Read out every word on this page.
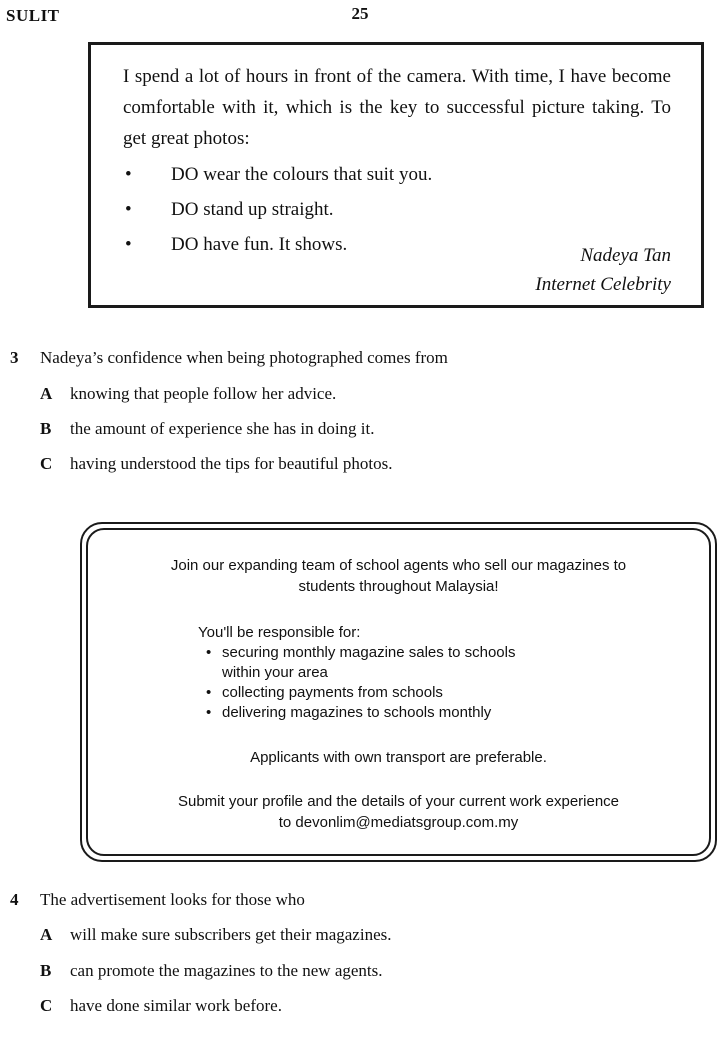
SULIT	25
I spend a lot of hours in front of the camera. With time, I have become comfortable with it, which is the key to successful picture taking. To get great photos:
• DO wear the colours that suit you.
• DO stand up straight.
• DO have fun. It shows.
Nadeya Tan
Internet Celebrity
3 Nadeya’s confidence when being photographed comes from
A knowing that people follow her advice.
B the amount of experience she has in doing it.
C having understood the tips for beautiful photos.
Join our expanding team of school agents who sell our magazines to
students throughout Malaysia!
You'll be responsible for:
• securing monthly magazine sales to schools
within your area
• collecting payments from schools
• delivering magazines to schools monthly
Applicants with own transport are preferable.
Submit your profile and the details of your current work experience
to devonlim@mediatsgroup.com.my
4 The advertisement looks for those who
A will make sure subscribers get their magazines.
B can promote the magazines to the new agents.
C have done similar work before.
